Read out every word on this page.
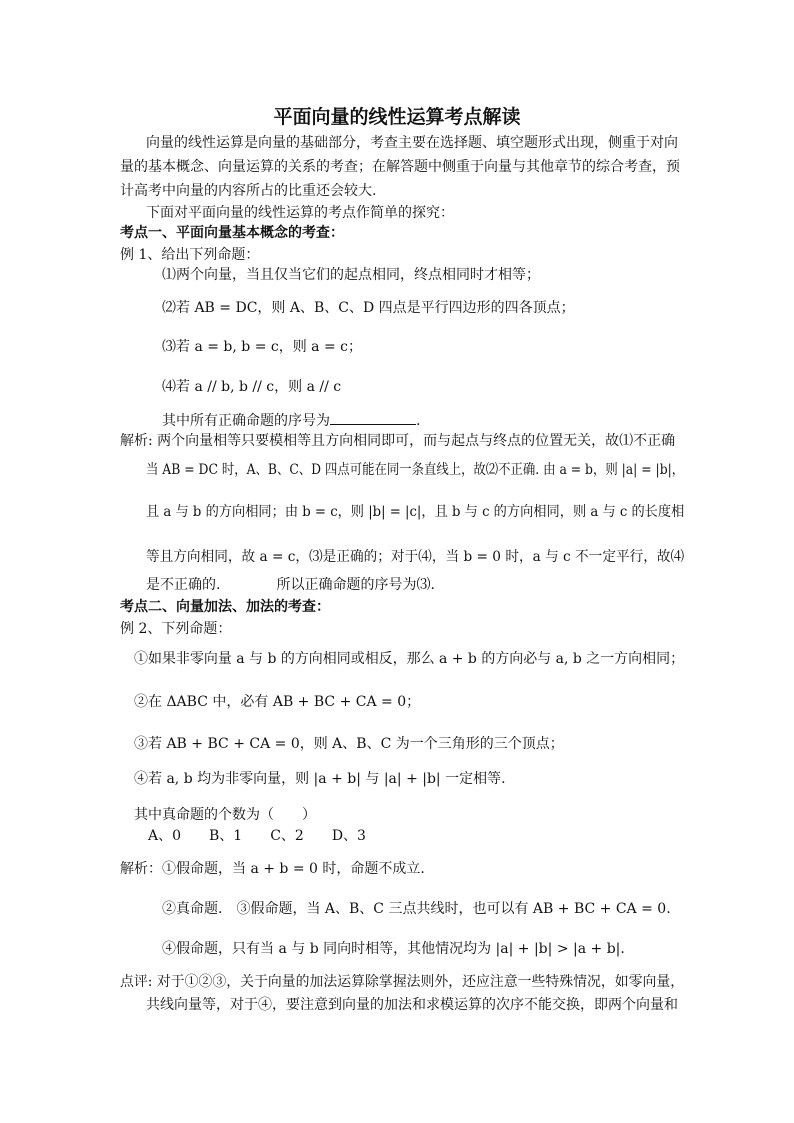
平面向量的线性运算考点解读
向量的线性运算是向量的基础部分，考查主要在选择题、填空题形式出现，侧重于对向
量的基本概念、向量运算的关系的考查；在解答题中侧重于向量与其他章节的综合考查，预
计高考中向量的内容所占的比重还会较大.
下面对平面向量的线性运算的考点作简单的探究：
考点一、平面向量基本概念的考查：
例 1、给出下列命题：
⑴两个向量，当且仅当它们的起点相同，终点相同时才相等；
⑵若 AB = DC，则 A、B、C、D 四点是平行四边形的四各顶点；
⑶若 a = b, b = c，则 a = c；
⑷若 a // b, b // c，则 a // c
其中所有正确命题的序号为	.
解析: 两个向量相等只要模相等且方向相同即可，而与起点与终点的位置无关，故⑴不正确
当 AB = DC 时，A、B、C、D 四点可能在同一条直线上，故⑵不正确. 由 a = b，则 |a| = |b|，
且 a 与 b 的方向相同；由 b = c，则 |b| = |c|，且 b 与 c 的方向相同，则 a 与 c 的长度相
等且方向相同，故 a = c，⑶是正确的；对于⑷，当 b = 0 时，a 与 c 不一定平行，故⑷
是不正确的.　　　　所以正确命题的序号为⑶.
考点二、向量加法、加法的考查：
例 2、下列命题：
①如果非零向量 a 与 b 的方向相同或相反，那么 a + b 的方向必与 a, b 之一方向相同；
②在 ΔABC 中，必有 AB + BC + CA = 0；
③若 AB + BC + CA = 0，则 A、B、C 为一个三角形的三个顶点；
④若 a, b 均为非零向量，则 |a + b| 与 |a| + |b| 一定相等.
其中真命题的个数为（　　）
A、0　　B、1　　C、2　　D、3
解析：①假命题，当 a + b = 0 时，命题不成立.
②真命题.　③假命题，当 A、B、C 三点共线时，也可以有 AB + BC + CA = 0.
④假命题，只有当 a 与 b 同向时相等，其他情况均为 |a| + |b| > |a + b|.
点评: 对于①②③，关于向量的加法运算除掌握法则外，还应注意一些特殊情况，如零向量，
共线向量等，对于④，要注意到向量的加法和求模运算的次序不能交换，即两个向量和
